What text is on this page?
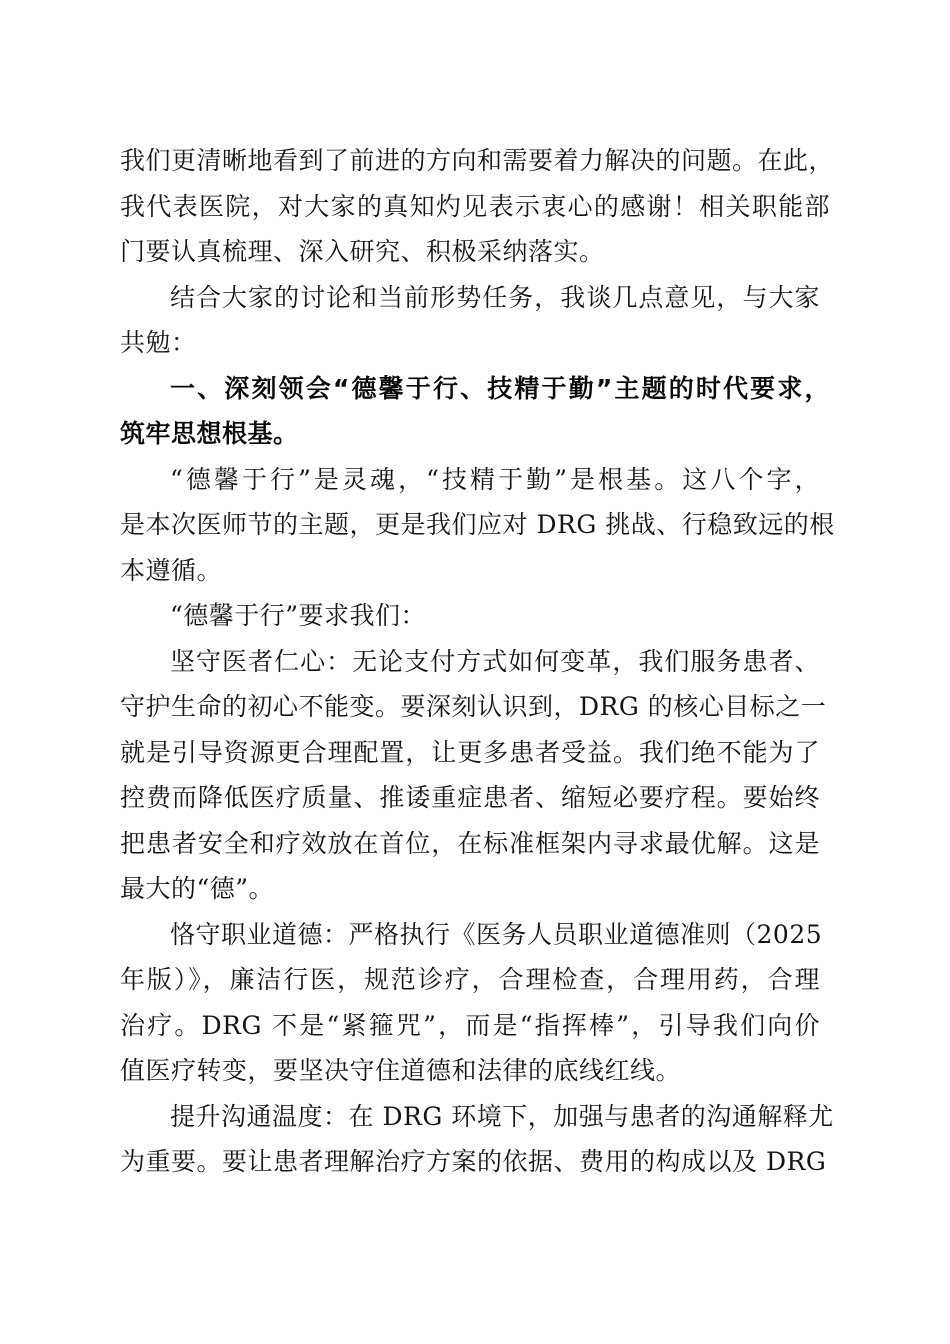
我们更清晰地看到了前进的方向和需要着力解决的问题。在此，
我代表医院，对大家的真知灼见表示衷心的感谢！相关职能部
门要认真梳理、深入研究、积极采纳落实。
结合大家的讨论和当前形势任务，我谈几点意见，与大家
共勉：
一、深刻领会“德馨于行、技精于勤”主题的时代要求，
筑牢思想根基。
“德馨于行”是灵魂，“技精于勤”是根基。这八个字，
是本次医师节的主题，更是我们应对 DRG 挑战、行稳致远的根
本遵循。
“德馨于行”要求我们：
坚守医者仁心：无论支付方式如何变革，我们服务患者、
守护生命的初心不能变。要深刻认识到，DRG 的核心目标之一
就是引导资源更合理配置，让更多患者受益。我们绝不能为了
控费而降低医疗质量、推诿重症患者、缩短必要疗程。要始终
把患者安全和疗效放在首位，在标准框架内寻求最优解。这是
最大的“德”。
恪守职业道德：严格执行《医务人员职业道德准则（2025
年版）》，廉洁行医，规范诊疗，合理检查，合理用药，合理
治疗。DRG 不是“紧箍咒”，而是“指挥棒”，引导我们向价
值医疗转变，要坚决守住道德和法律的底线红线。
提升沟通温度：在 DRG 环境下，加强与患者的沟通解释尤
为重要。要让患者理解治疗方案的依据、费用的构成以及 DRG
